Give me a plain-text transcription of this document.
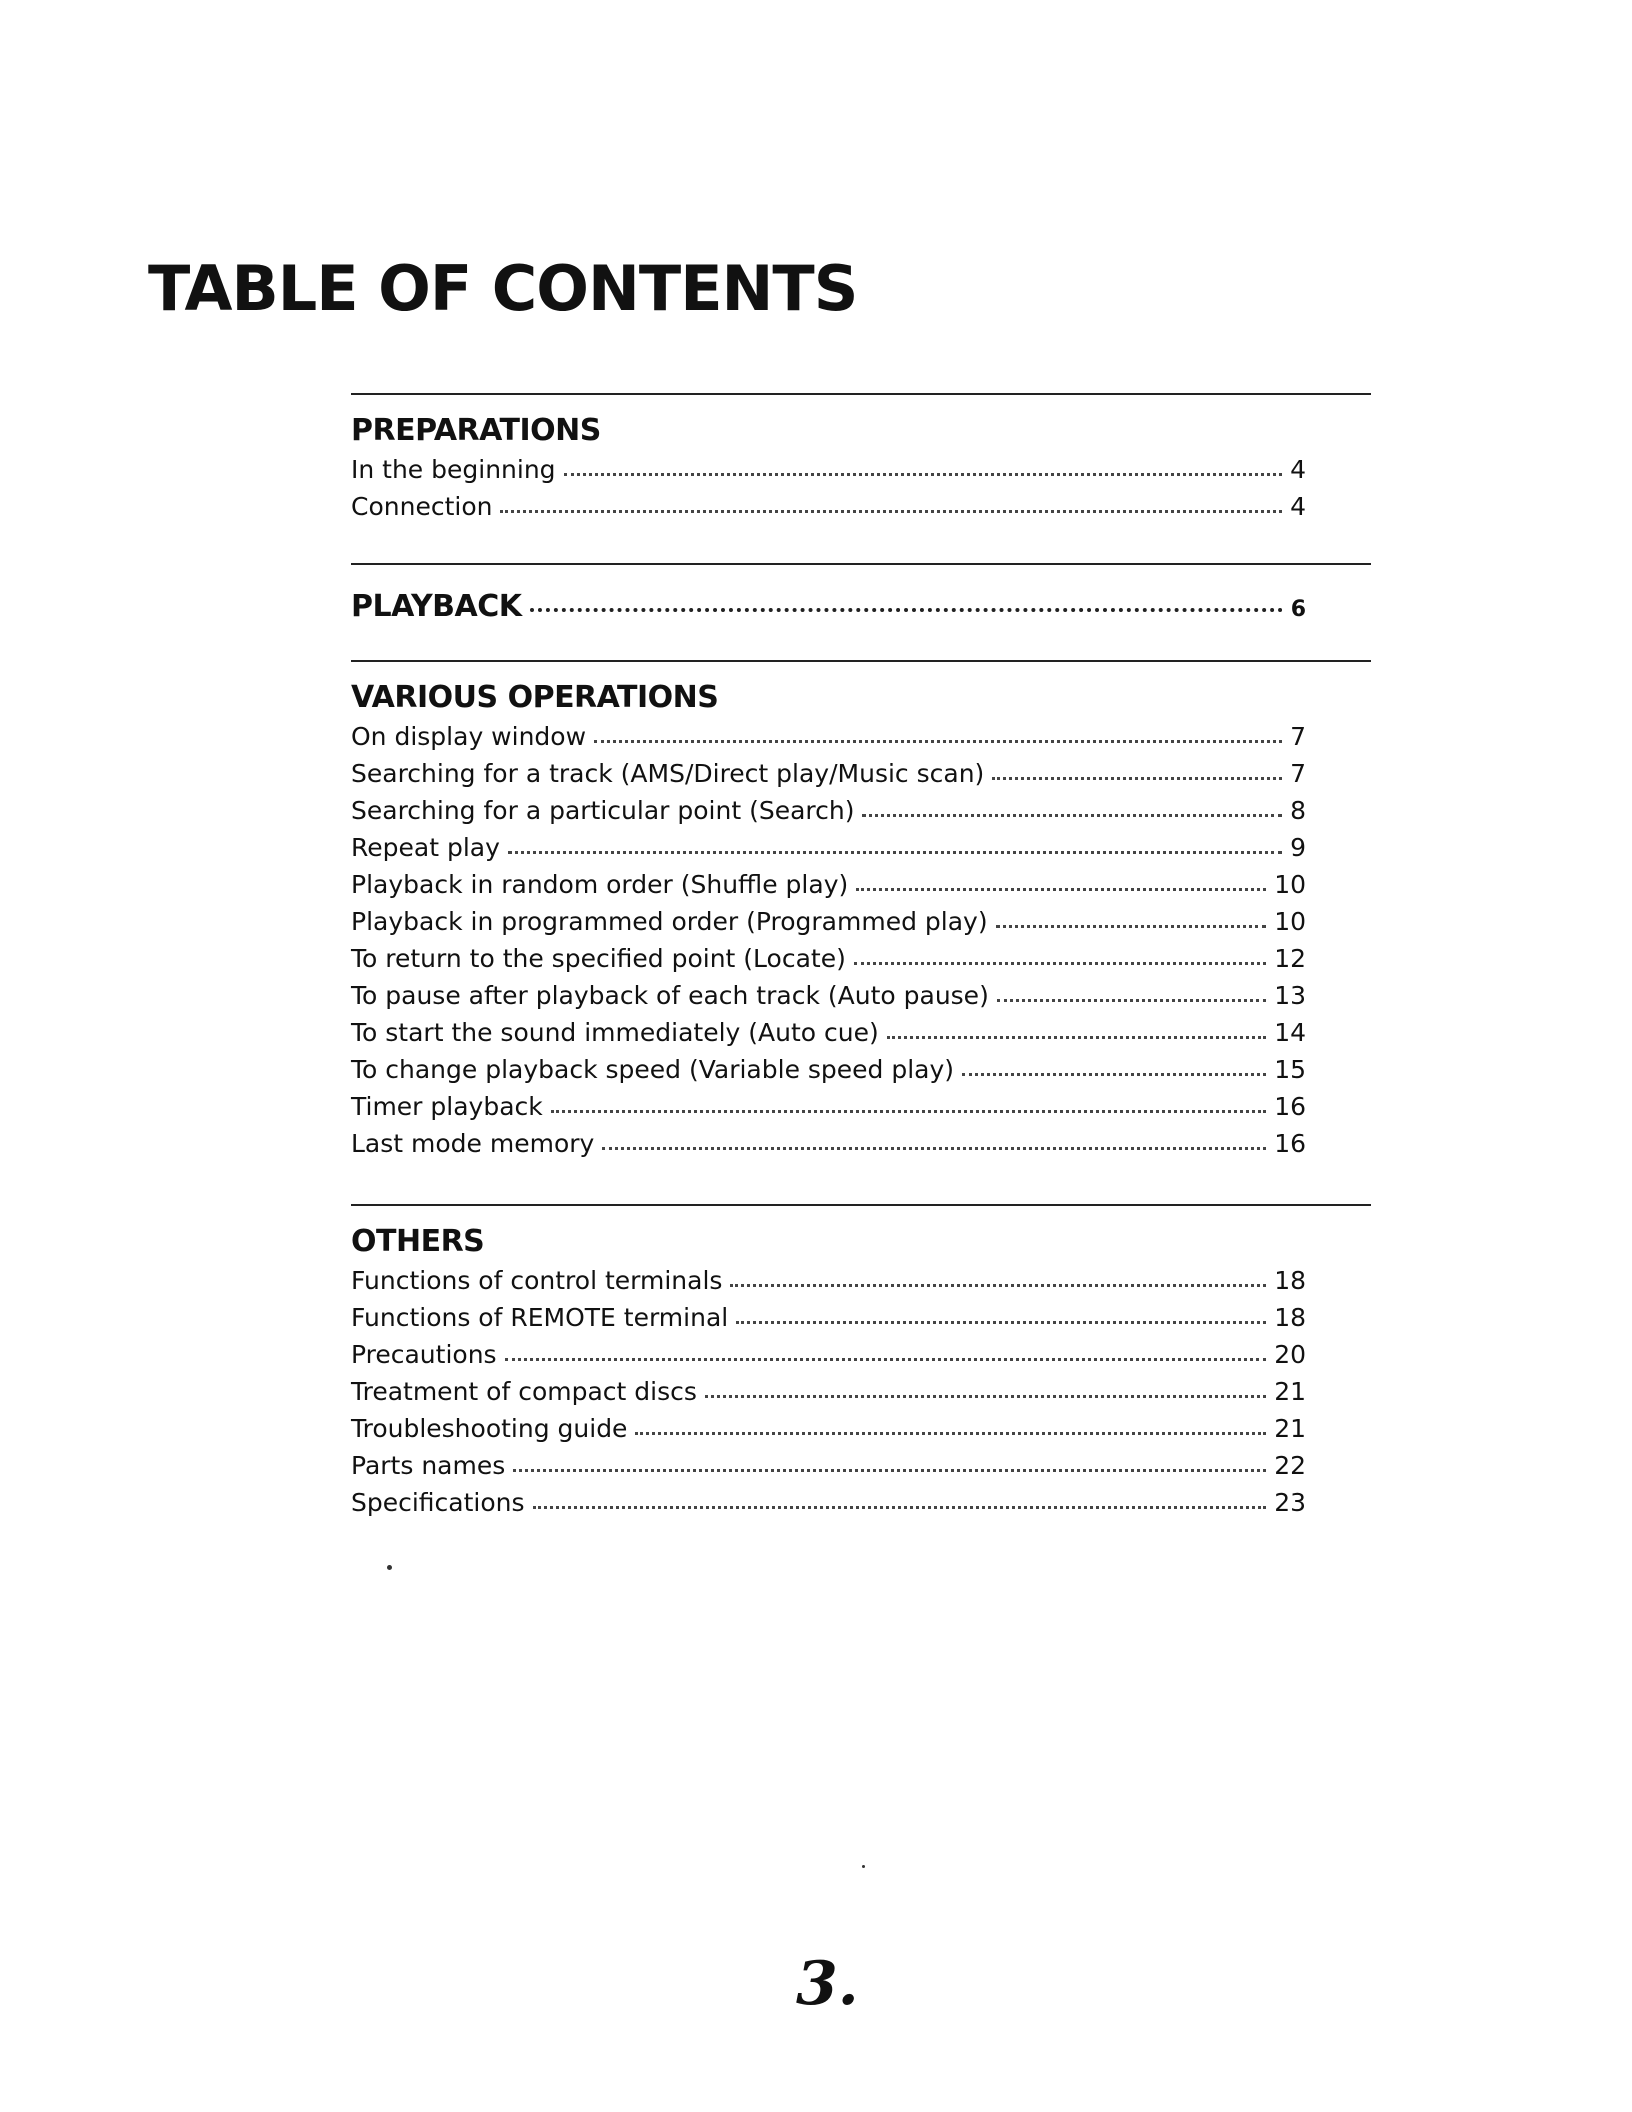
TABLE OF CONTENTS
PREPARATIONS
In the beginning	4
Connection	4
PLAYBACK	6
VARIOUS OPERATIONS
On display window	7
Searching for a track (AMS/Direct play/Music scan)	7
Searching for a particular point (Search)	8
Repeat play	9
Playback in random order (Shuffle play)	10
Playback in programmed order (Programmed play)	10
To return to the specified point (Locate)	12
To pause after playback of each track (Auto pause)	13
To start the sound immediately (Auto cue)	14
To change playback speed (Variable speed play)	15
Timer playback	16
Last mode memory	16
OTHERS
Functions of control terminals	18
Functions of REMOTE terminal	18
Precautions	20
Treatment of compact discs	21
Troubleshooting guide	21
Parts names	22
Specifications	23
3.
